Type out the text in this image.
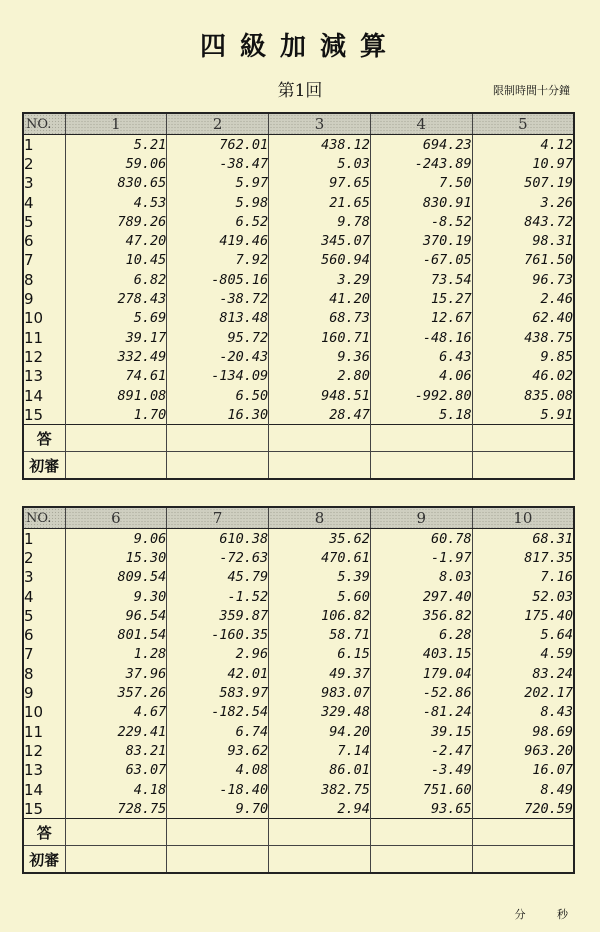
四級加減算
第1回	限制時間十分鐘
NO.	1	2	3	4	5
1	5.21	762.01	438.12	694.23	4.12
2	59.06	-38.47	5.03	-243.89	10.97
3	830.65	5.97	97.65	7.50	507.19
4	4.53	5.98	21.65	830.91	3.26
5	789.26	6.52	9.78	-8.52	843.72
6	47.20	419.46	345.07	370.19	98.31
7	10.45	7.92	560.94	-67.05	761.50
8	6.82	-805.16	3.29	73.54	96.73
9	278.43	-38.72	41.20	15.27	2.46
10	5.69	813.48	68.73	12.67	62.40
11	39.17	95.72	160.71	-48.16	438.75
12	332.49	-20.43	9.36	6.43	9.85
13	74.61	-134.09	2.80	4.06	46.02
14	891.08	6.50	948.51	-992.80	835.08
15	1.70	16.30	28.47	5.18	5.91
答					
初審					
NO.	6	7	8	9	10
1	9.06	610.38	35.62	60.78	68.31
2	15.30	-72.63	470.61	-1.97	817.35
3	809.54	45.79	5.39	8.03	7.16
4	9.30	-1.52	5.60	297.40	52.03
5	96.54	359.87	106.82	356.82	175.40
6	801.54	-160.35	58.71	6.28	5.64
7	1.28	2.96	6.15	403.15	4.59
8	37.96	42.01	49.37	179.04	83.24
9	357.26	583.97	983.07	-52.86	202.17
10	4.67	-182.54	329.48	-81.24	8.43
11	229.41	6.74	94.20	39.15	98.69
12	83.21	93.62	7.14	-2.47	963.20
13	63.07	4.08	86.01	-3.49	16.07
14	4.18	-18.40	382.75	751.60	8.49
15	728.75	9.70	2.94	93.65	720.59
答					
初審					
分	秒
